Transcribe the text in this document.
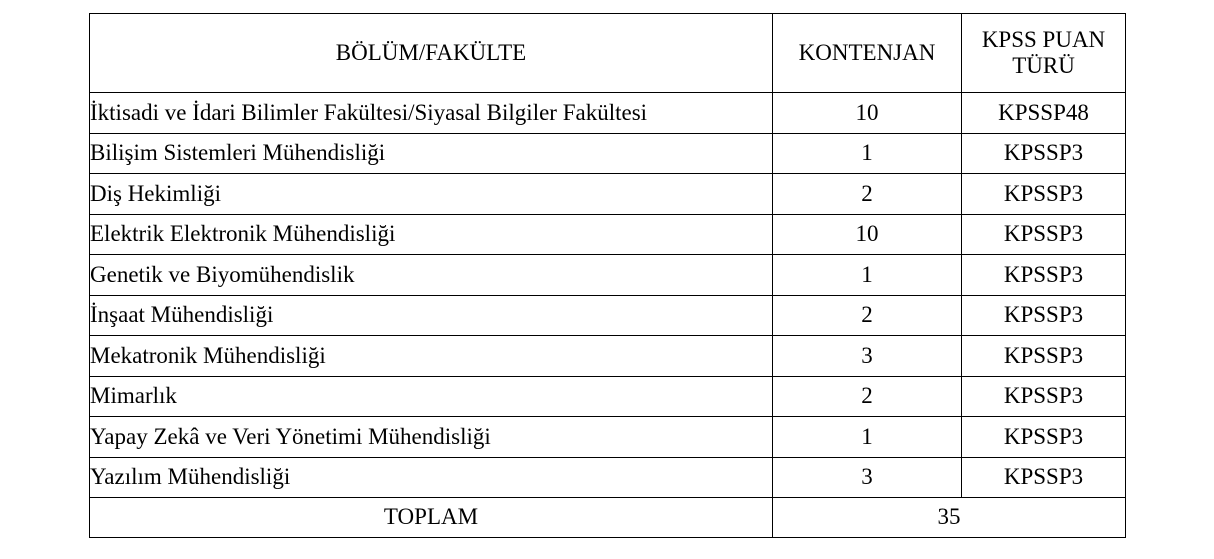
BÖLÜM/FAKÜLTE	KONTENJAN	KPSS PUAN
TÜRÜ

İktisadi ve İdari Bilimler Fakültesi/Siyasal Bilgiler Fakültesi	10	KPSSP48
Bilişim Sistemleri Mühendisliği	1	KPSSP3
Diş Hekimliği	2	KPSSP3
Elektrik Elektronik Mühendisliği	10	KPSSP3
Genetik ve Biyomühendislik	1	KPSSP3
İnşaat Mühendisliği	2	KPSSP3
Mekatronik Mühendisliği	3	KPSSP3
Mimarlık	2	KPSSP3
Yapay Zekâ ve Veri Yönetimi Mühendisliği	1	KPSSP3
Yazılım Mühendisliği	3	KPSSP3
TOPLAM	35	
